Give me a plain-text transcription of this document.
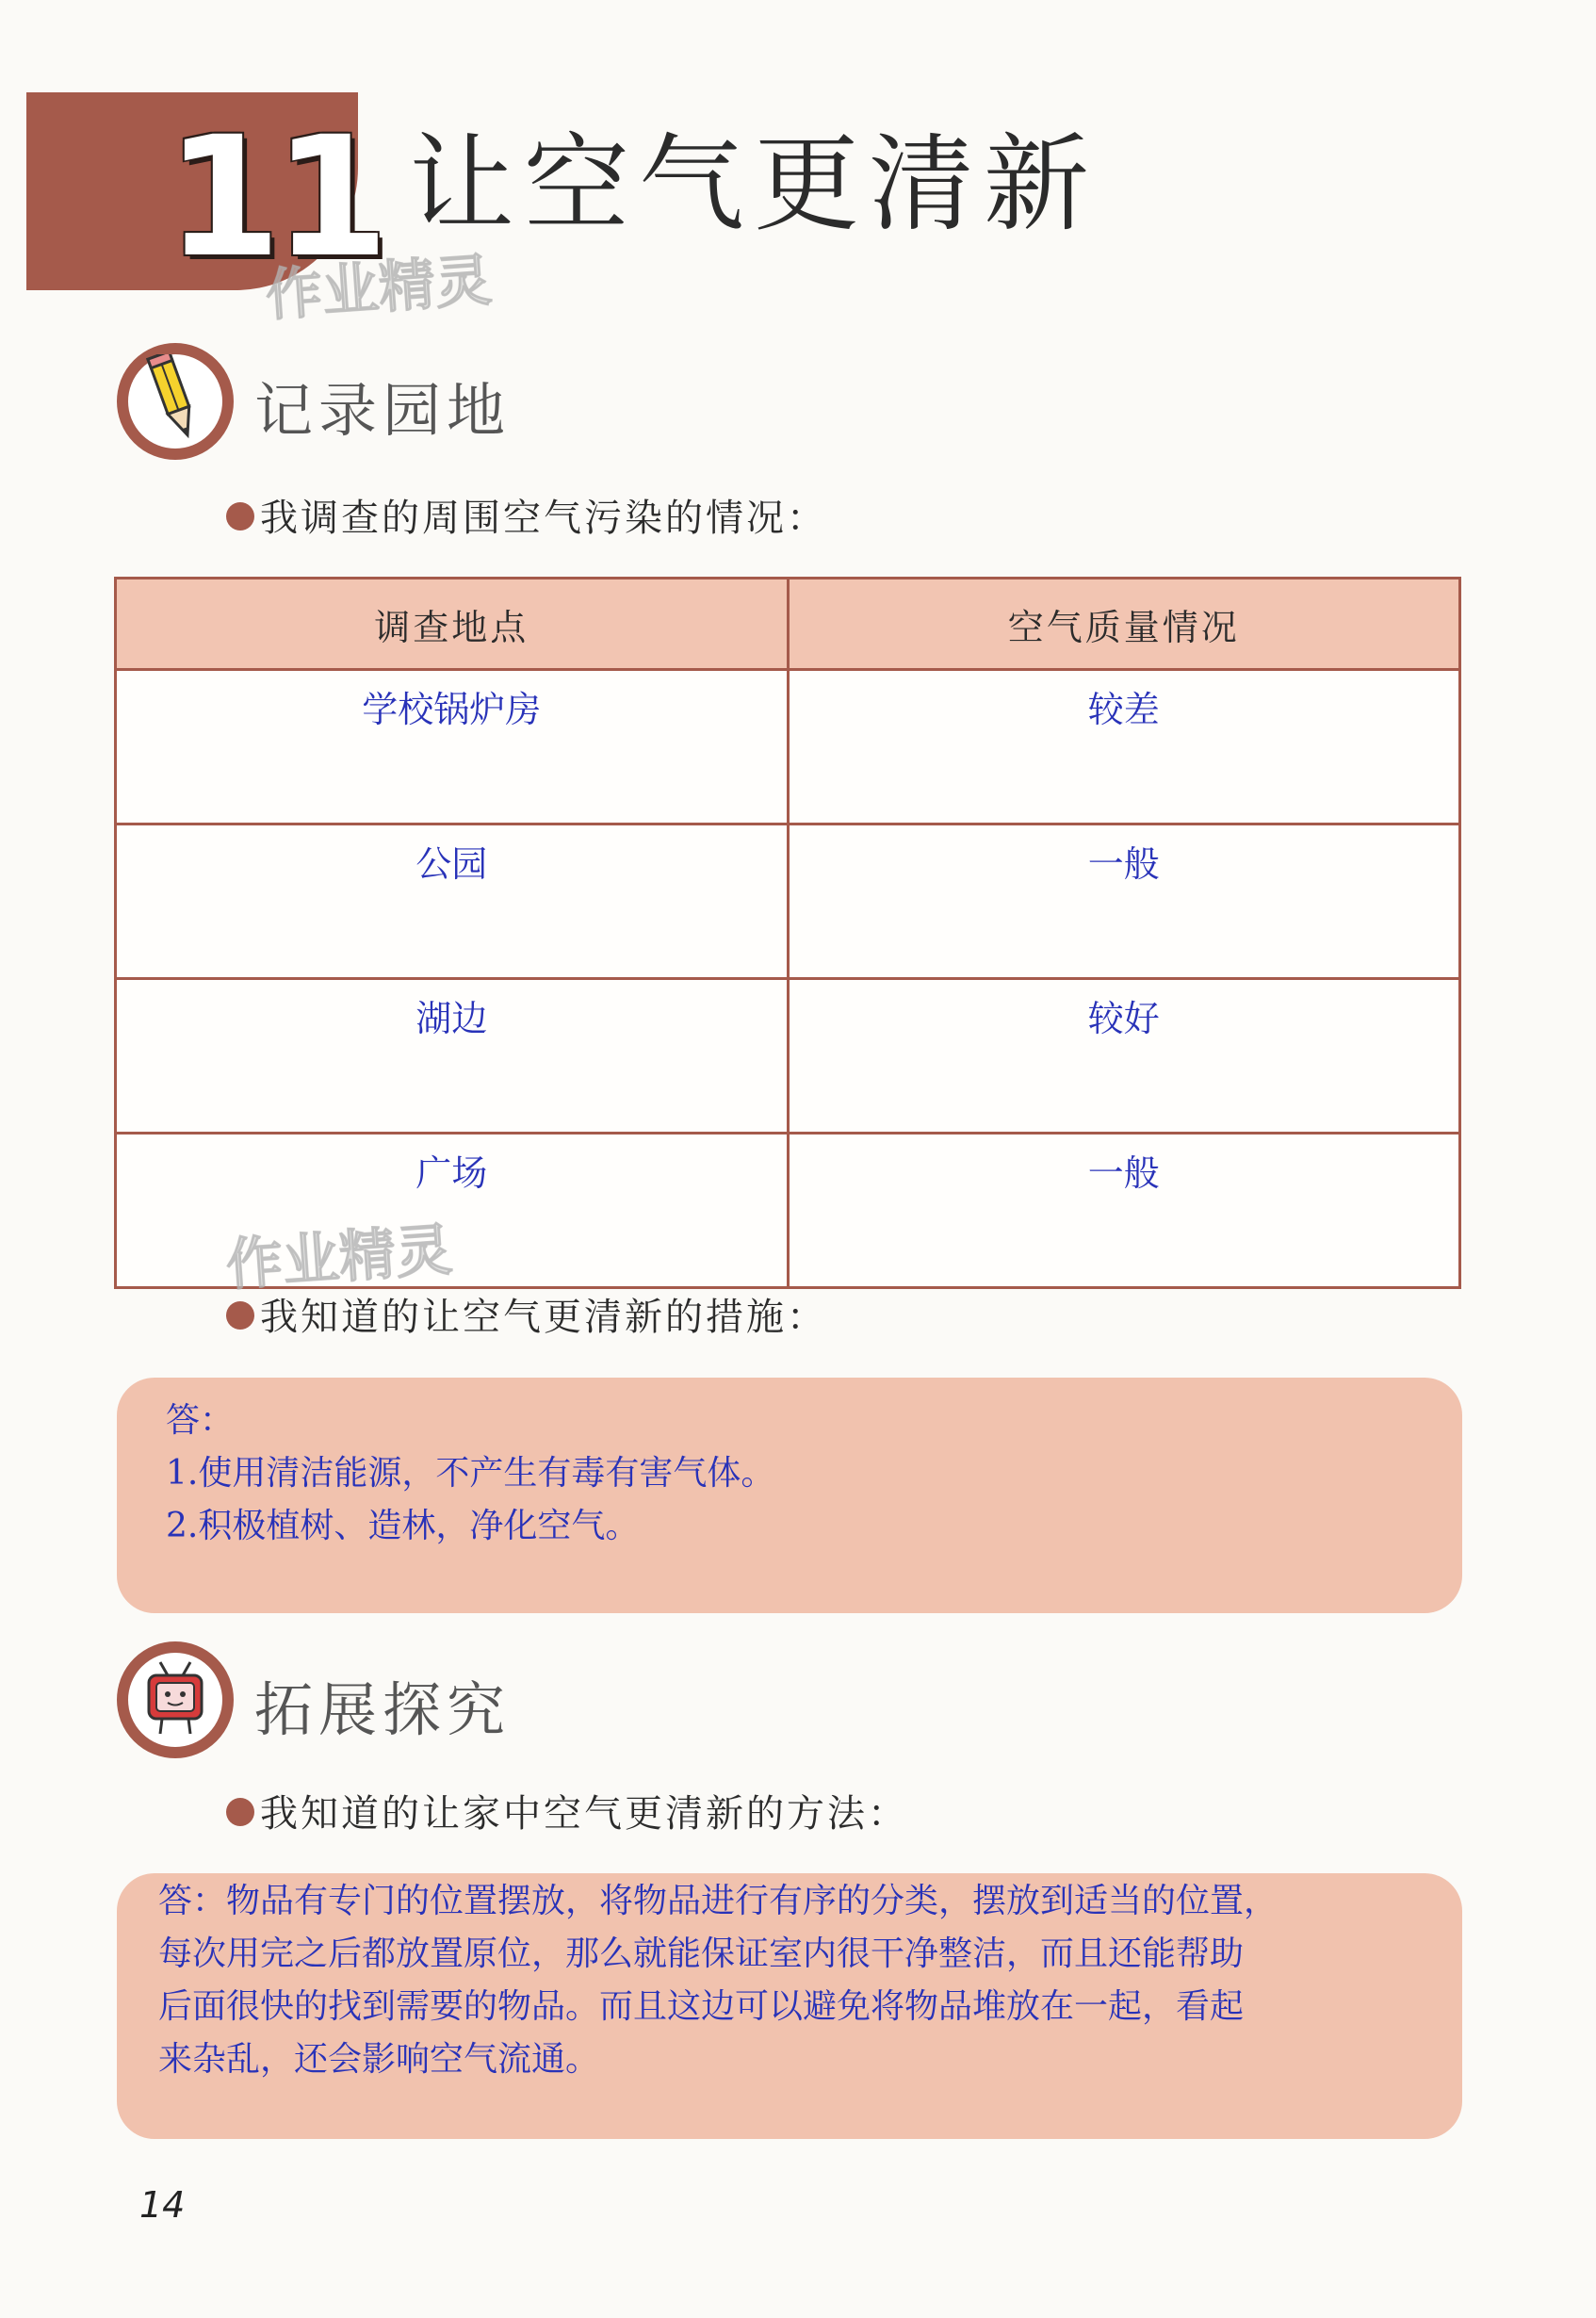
11 让空气更清新
作业精灵
记录园地
我调查的周围空气污染的情况：
调查地点	空气质量情况
学校锅炉房	较差
公园	一般
湖边	较好
广场	一般
作业精灵
我知道的让空气更清新的措施：
答：
1.使用清洁能源，不产生有毒有害气体。
2.积极植树、造林，净化空气。
拓展探究
我知道的让家中空气更清新的方法：
答：物品有专门的位置摆放，将物品进行有序的分类，摆放到适当的位置，
每次用完之后都放置原位，那么就能保证室内很干净整洁，而且还能帮助
后面很快的找到需要的物品。而且这边可以避免将物品堆放在一起，看起
来杂乱，还会影响空气流通。
14
